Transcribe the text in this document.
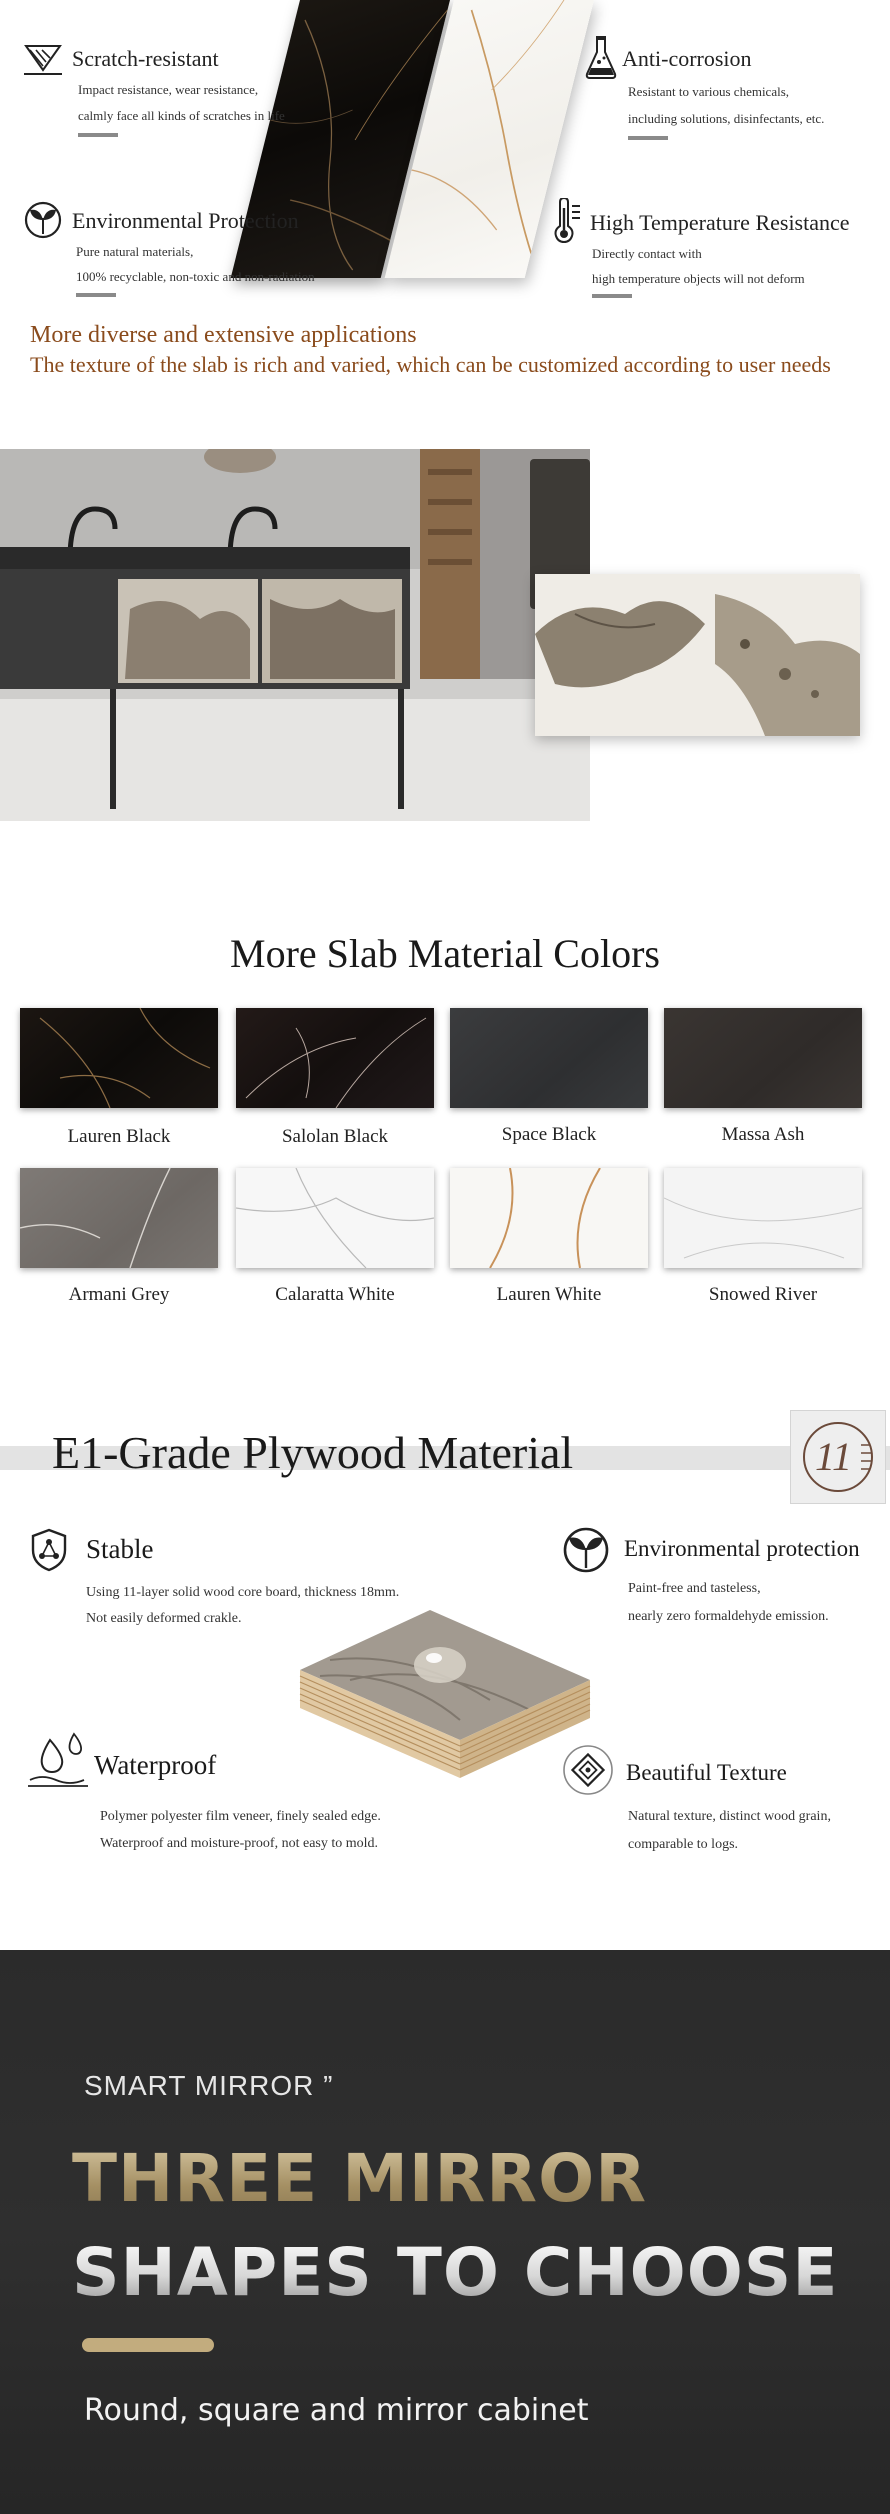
Scratch-resistant
Impact resistance, wear resistance,
calmly face all kinds of scratches in life
Anti-corrosion
Resistant to various chemicals,
including solutions, disinfectants, etc.
Environmental Protection
Pure natural materials,
100% recyclable, non-toxic and non-radiation
High Temperature Resistance
Directly contact with
high temperature objects will not deform
More diverse and extensive applications
The texture of the slab is rich and varied, which can be customized according to user needs
More Slab Material Colors
Lauren Black	Salolan Black	Space Black	Massa Ash
Armani Grey	Calaratta White	Lauren White	Snowed River
E1-Grade Plywood Material	11
Stable
Using 11-layer solid wood core board, thickness 18mm.
Not easily deformed crakle.
Environmental protection
Paint-free and tasteless,
nearly zero formaldehyde emission.
Waterproof
Polymer polyester film veneer, finely sealed edge.
Waterproof and moisture-proof, not easy to mold.
Beautiful Texture
Natural texture, distinct wood grain,
comparable to logs.
SMART MIRROR ”
THREE MIRROR
SHAPES TO CHOOSE
Round, square and mirror cabinet
